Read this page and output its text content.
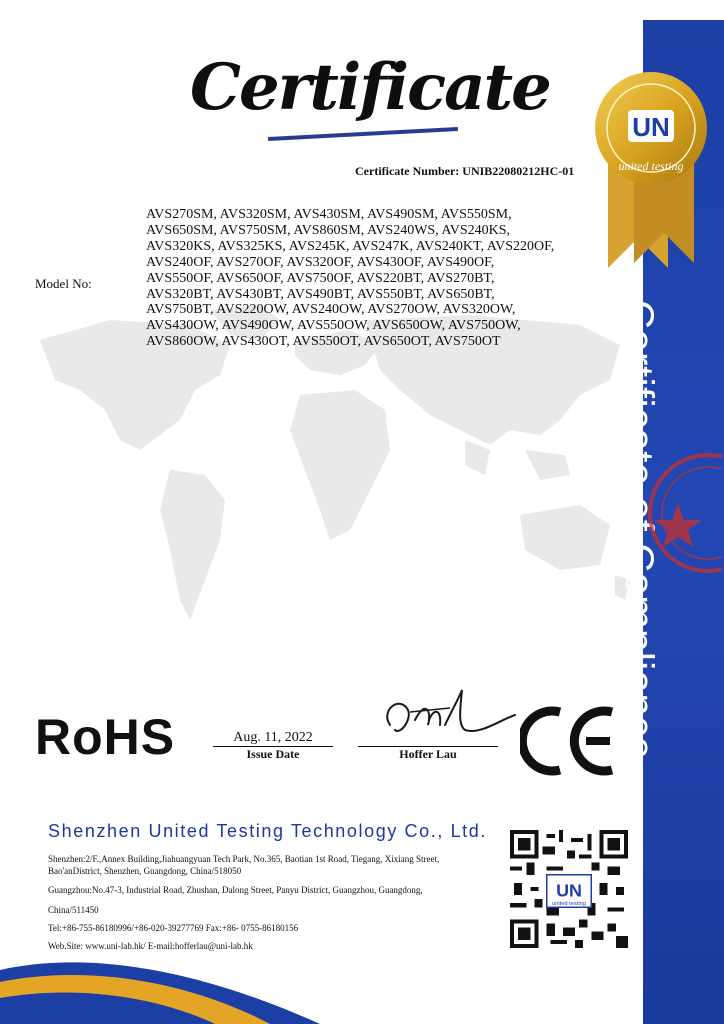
Certificate of Compliance
UN
united testing
Certificate
Certificate Number: UNIB22080212HC-01
Model No:
AVS270SM, AVS320SM, AVS430SM, AVS490SM, AVS550SM,
AVS650SM, AVS750SM, AVS860SM, AVS240WS, AVS240KS,
AVS320KS, AVS325KS, AVS245K, AVS247K, AVS240KT, AVS220OF,
AVS240OF, AVS270OF, AVS320OF, AVS430OF, AVS490OF,
AVS550OF, AVS650OF, AVS750OF, AVS220BT, AVS270BT,
AVS320BT, AVS430BT, AVS490BT, AVS550BT, AVS650BT,
AVS750BT, AVS220OW, AVS240OW, AVS270OW, AVS320OW,
AVS430OW, AVS490OW, AVS550OW, AVS650OW, AVS750OW,
AVS860OW, AVS430OT, AVS550OT, AVS650OT, AVS750OT
RoHS	Aug. 11, 2022
Issue Date	Hoffer Lau
Shenzhen United Testing Technology Co., Ltd.
Shenzhen:2/F.,Annex Building,Jiahuangyuan Tech Park, No.365, Baotian 1st Road, Tiegang, Xixiang Street,
Bao'anDistrict, Shenzhen, Guangdong, China/518050
Guangzhou:No.47-3, Industrial Road, Zhushan, Dalong Street, Panyu District, Guangzhou, Guangdong,
China/511450
Tel:+86-755-86180996/+86-020-39277769 Fax:+86- 0755-86180156
Web.Site: www.uni-lab.hk/ E-mail:hofferlau@uni-lab.hk
UN
united testing
